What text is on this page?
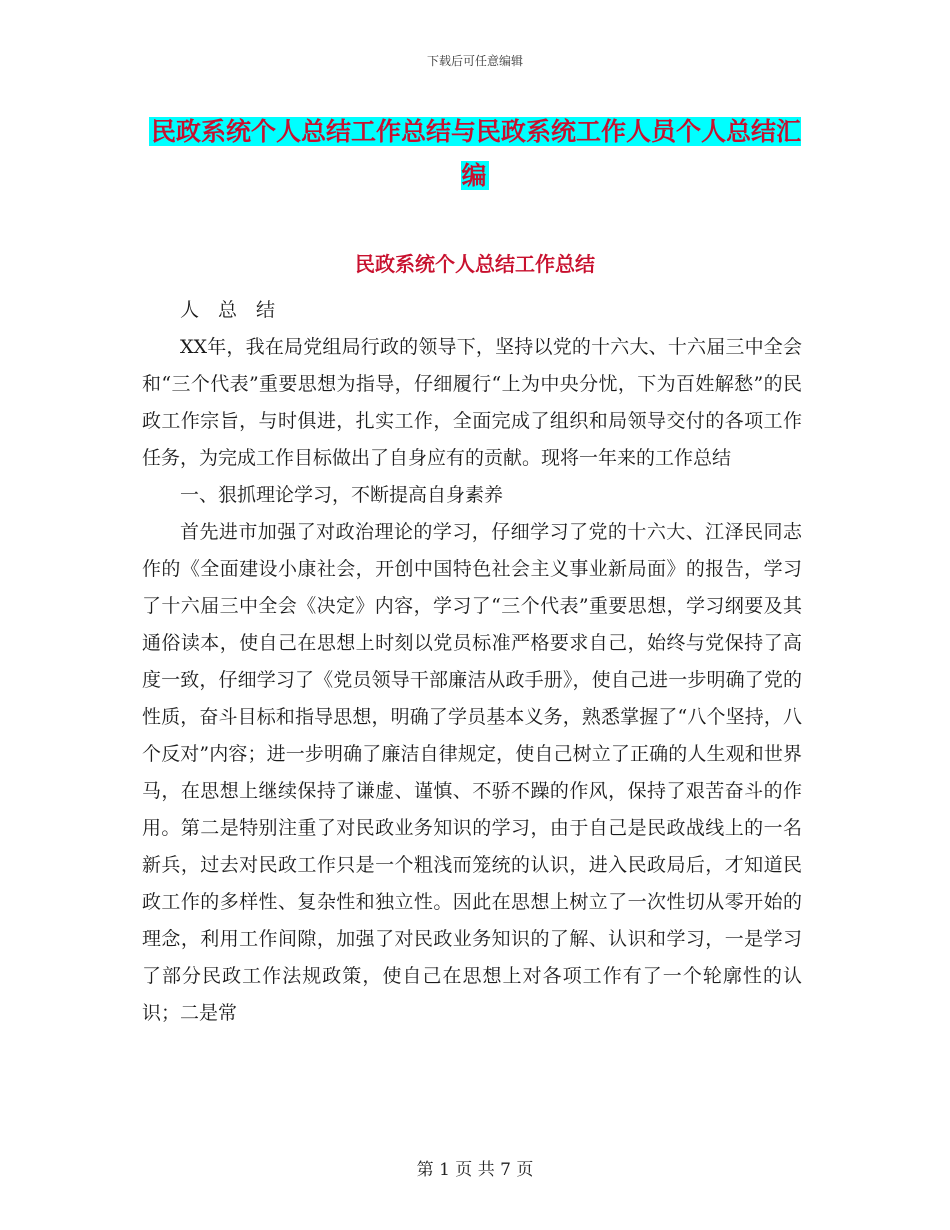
下载后可任意编辑
民政系统个人总结工作总结与民政系统工作人员个人总结汇编
民政系统个人总结工作总结

人　总　结

XX年，我在局党组局行政的领导下，坚持以党的十六大、十六届三中全会和“三个代表”重要思想为指导，仔细履行“上为中央分忧，下为百姓解愁”的民政工作宗旨，与时俱进，扎实工作，全面完成了组织和局领导交付的各项工作任务，为完成工作目标做出了自身应有的贡献。现将一年来的工作总结

一、狠抓理论学习，不断提高自身素养

首先进市加强了对政治理论的学习，仔细学习了党的十六大、江泽民同志作的《全面建设小康社会，开创中国特色社会主义事业新局面》的报告，学习了十六届三中全会《决定》内容，学习了“三个代表”重要思想，学习纲要及其通俗读本，使自己在思想上时刻以党员标准严格要求自己，始终与党保持了高度一致，仔细学习了《党员领导干部廉洁从政手册》，使自己进一步明确了党的性质，奋斗目标和指导思想，明确了学员基本义务，熟悉掌握了“八个坚持，八个反对”内容；进一步明确了廉洁自律规定，使自己树立了正确的人生观和世界马，在思想上继续保持了谦虚、谨慎、不骄不躁的作风，保持了艰苦奋斗的作用。第二是特别注重了对民政业务知识的学习，由于自己是民政战线上的一名新兵，过去对民政工作只是一个粗浅而笼统的认识，进入民政局后，才知道民政工作的多样性、复杂性和独立性。因此在思想上树立了一次性切从零开始的理念，利用工作间隙，加强了对民政业务知识的了解、认识和学习，一是学习了部分民政工作法规政策，使自己在思想上对各项工作有了一个轮廓性的认识；二是常

第 1 页 共 7 页
